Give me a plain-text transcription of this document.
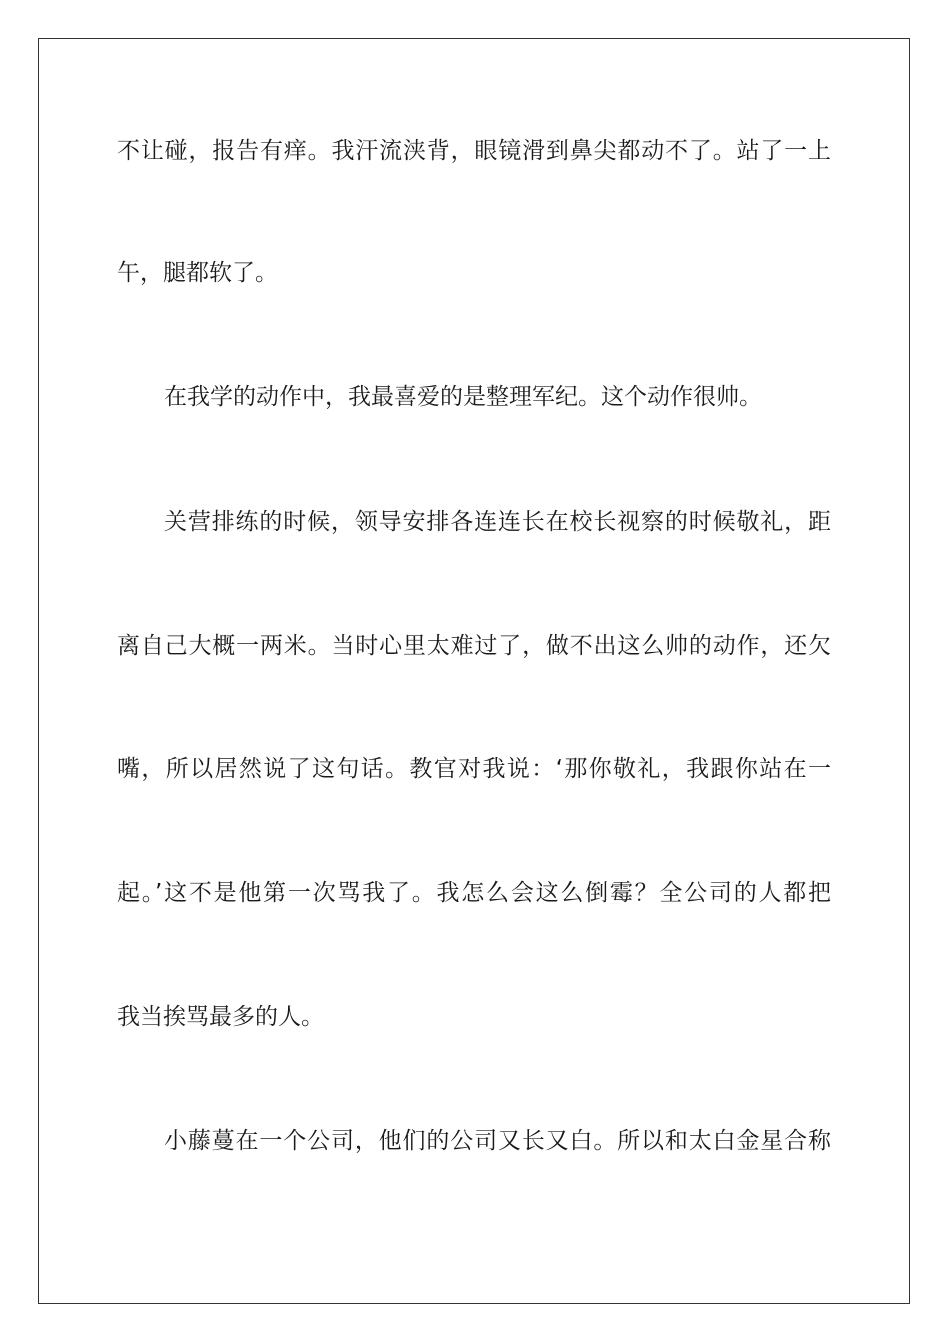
不让碰，报告有痒。我汗流浃背，眼镜滑到鼻尖都动不了。站了一上
午，腿都软了。
在我学的动作中，我最喜爱的是整理军纪。这个动作很帅。
关营排练的时候，领导安排各连连长在校长视察的时候敬礼，距
离自己大概一两米。当时心里太难过了，做不出这么帅的动作，还欠
嘴，所以居然说了这句话。教官对我说：‘那你敬礼，我跟你站在一
起。’这不是他第一次骂我了。我怎么会这么倒霉？全公司的人都把
我当挨骂最多的人。
小藤蔓在一个公司，他们的公司又长又白。所以和太白金星合称
